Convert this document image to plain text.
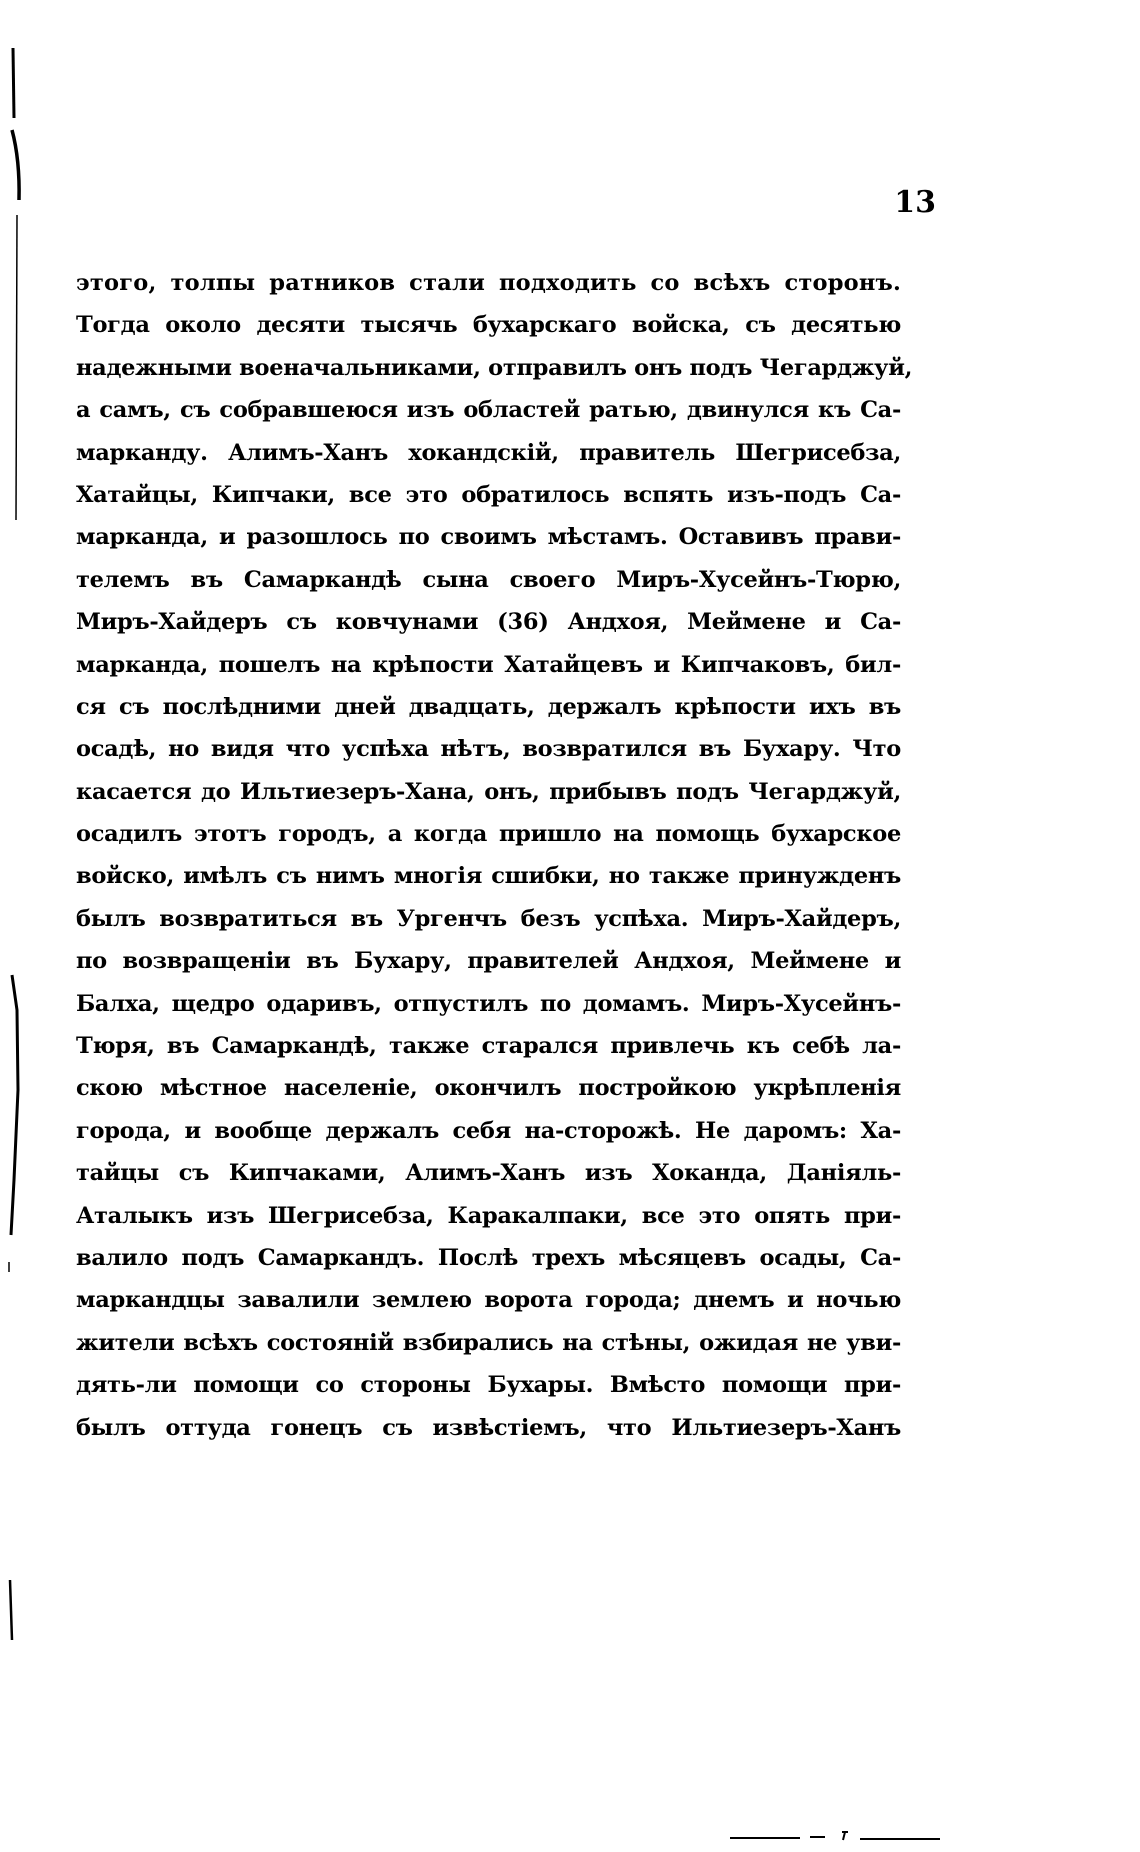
13
этого, толпы ратников стали подходить со всѣхъ сторонъ.
Тогда около десяти тысячь бухарскаго войска, съ десятью
надежными военачальниками, отправилъ онъ подъ Чегарджуй,
а самъ, съ собравшеюся изъ областей ратью, двинулся къ Са-
марканду. Алимъ-Ханъ хокандскій, правитель Шегрисебза,
Хатайцы, Кипчаки, все это обратилось вспять изъ-подъ Са-
марканда, и разошлось по своимъ мѣстамъ. Оставивъ прави-
телемъ въ Самаркандѣ сына своего Миръ-Хусейнъ-Тюрю,
Миръ-Хайдеръ съ ковчунами (36) Андхоя, Меймене и Са-
марканда, пошелъ на крѣпости Хатайцевъ и Кипчаковъ, бил-
ся съ послѣдними дней двадцать, держалъ крѣпости ихъ въ
осадѣ, но видя что успѣха нѣтъ, возвратился въ Бухару. Что
касается до Ильтиезеръ-Хана, онъ, прибывъ подъ Чегарджуй,
осадилъ этотъ городъ, а когда пришло на помощь бухарское
войско, имѣлъ съ нимъ многія сшибки, но также принужденъ
былъ возвратиться въ Ургенчъ безъ успѣха. Миръ-Хайдеръ,
по возвращеніи въ Бухару, правителей Андхоя, Меймене и
Балха, щедро одаривъ, отпустилъ по домамъ. Миръ-Хусейнъ-
Тюря, въ Самаркандѣ, также старался привлечь къ себѣ ла-
скою мѣстное населеніе, окончилъ постройкою укрѣпленія
города, и вообще держалъ себя на-сторожѣ. Не даромъ: Ха-
тайцы съ Кипчаками, Алимъ-Ханъ изъ Хоканда, Даніяль-
Аталыкъ изъ Шегрисебза, Каракалпаки, все это опять при-
валило подъ Самаркандъ. Послѣ трехъ мѣсяцевъ осады, Са-
маркандцы завалили землею ворота города; днемъ и ночью
жители всѣхъ состояній взбирались на стѣны, ожидая не уви-
дять-ли помощи со стороны Бухары. Вмѣсто помощи при-
былъ оттуда гонецъ съ извѣстіемъ, что Ильтиезеръ-Ханъ
